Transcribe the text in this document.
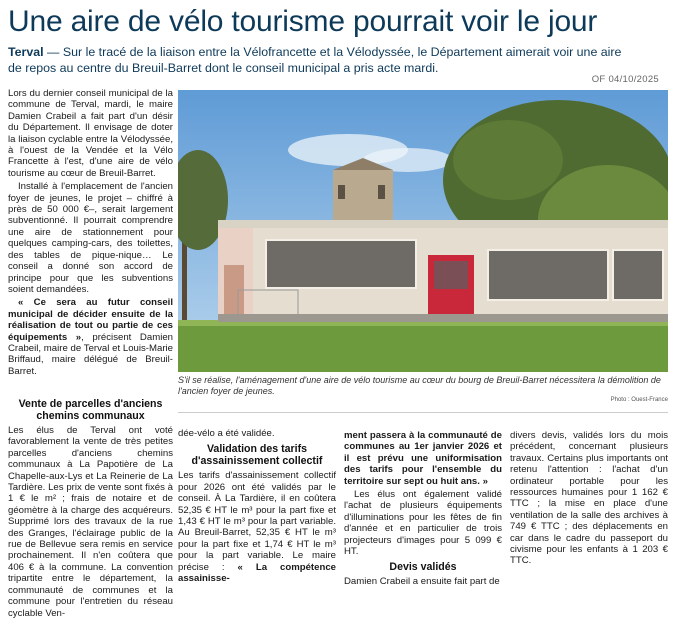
Une aire de vélo tourisme pourrait voir le jour
Terval — Sur le tracé de la liaison entre la Vélofrancette et la Vélodyssée, le Département aimerait voir une aire de repos au centre du Breuil-Barret dont le conseil municipal a pris acte mardi.
OF 04/10/2025

Lors du dernier conseil municipal de la commune de Terval, mardi, le maire Damien Crabeil a fait part d'un désir du Département. Il envisage de doter la liaison cyclable entre la Vélodyssée, à l'ouest de la Vendée et la Vélo Francette à l'est, d'une aire de vélo tourisme au cœur de Breuil-Barret.

Installé à l'emplacement de l'ancien foyer de jeunes, le projet – chiffré à près de 50 000 €–, serait largement subventionné. Il pourrait comprendre une aire de stationnement pour quelques camping-cars, des toilettes, des tables de pique-nique… Le conseil a donné son accord de principe pour que les subventions soient demandées.

« Ce sera au futur conseil municipal de décider ensuite de la réalisation de tout ou partie de ces équipements », précisent Damien Crabeil, maire de Terval et Louis-Marie Briffaud, maire délégué de Breuil-Barret.

Vente de parcelles d'anciens chemins communaux

Les élus de Terval ont voté favorablement la vente de très petites parcelles d'anciens chemins communaux à La Papotière de La Chapelle-aux-Lys et La Reinerie de La Tardière. Les prix de vente sont fixés à 1 € le m² ; frais de notaire et de géomètre à la charge des acquéreurs. Supprimé lors des travaux de la rue des Granges, l'éclairage public de la rue de Bellevue sera remis en service prochainement. Il n'en coûtera que 406 € à la commune. La convention tripartite entre le département, la communauté de communes et la commune pour l'entretien du réseau cyclable Ven-

S'il se réalise, l'aménagement d'une aire de vélo tourisme au cœur du bourg de Breuil-Barret nécessitera la démolition de l'ancien foyer de jeunes.
Photo : Ouest-France

dée-vélo a été validée.

Validation des tarifs d'assainissement collectif

Les tarifs d'assainissement collectif pour 2026 ont été validés par le conseil. À La Tardière, il en coûtera 52,35 € HT le m³ pour la part fixe et 1,43 € HT le m³ pour la part variable. Au Breuil-Barret, 52,35 € HT le m³ pour la part fixe et 1,74 € HT le m³ pour la part variable. Le maire précise : « La compétence assainisse-

ment passera à la communauté de communes au 1er janvier 2026 et il est prévu une uniformisation des tarifs pour l'ensemble du territoire sur sept ou huit ans. »

Les élus ont également validé l'achat de plusieurs équipements d'illuminations pour les fêtes de fin d'année et en particulier de trois projecteurs d'images pour 5 099 € HT.

Devis validés

Damien Crabeil a ensuite fait part de

divers devis, validés lors du mois précédent, concernant plusieurs travaux. Certains plus importants ont retenu l'attention : l'achat d'un ordinateur portable pour les ressources humaines pour 1 162 € TTC ; la mise en place d'une ventilation de la salle des archives à 749 € TTC ; des déplacements en car dans le cadre du passeport du civisme pour les enfants à 1 203 € TTC.
